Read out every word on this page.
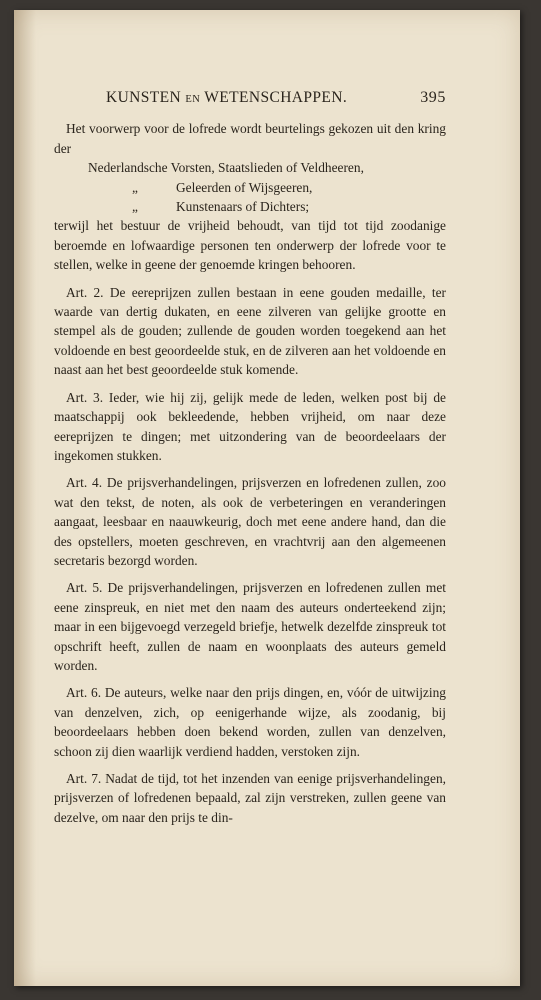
KUNSTEN EN WETENSCHAPPEN.	395

Het voorwerp voor de lofrede wordt beurtelings gekozen uit den kring der

Nederlandsche Vorsten, Staatslieden of Veldheeren,
„	Geleerden of Wijsgeeren,
„	Kunstenaars of Dichters;

terwijl het bestuur de vrijheid behoudt, van tijd tot tijd zoodanige beroemde en lofwaardige personen ten onderwerp der lofrede voor te stellen, welke in geene der genoemde kringen behooren.

Art. 2. De eereprijzen zullen bestaan in eene gouden medaille, ter waarde van dertig dukaten, en eene zilveren van gelijke grootte en stempel als de gouden; zullende de gouden worden toegekend aan het voldoende en best geoordeelde stuk, en de zilveren aan het voldoende en naast aan het best geoordeelde stuk komende.

Art. 3. Ieder, wie hij zij, gelijk mede de leden, welken post bij de maatschappij ook bekleedende, hebben vrijheid, om naar deze eereprijzen te dingen; met uitzondering van de beoordeelaars der ingekomen stukken.

Art. 4. De prijsverhandelingen, prijsverzen en lofredenen zullen, zoo wat den tekst, de noten, als ook de verbeteringen en veranderingen aangaat, leesbaar en naauwkeurig, doch met eene andere hand, dan die des opstellers, moeten geschreven, en vrachtvrij aan den algemeenen secretaris bezorgd worden.

Art. 5. De prijsverhandelingen, prijsverzen en lofredenen zullen met eene zinspreuk, en niet met den naam des auteurs onderteekend zijn; maar in een bijgevoegd verzegeld briefje, hetwelk dezelfde zinspreuk tot opschrift heeft, zullen de naam en woonplaats des auteurs gemeld worden.

Art. 6. De auteurs, welke naar den prijs dingen, en, vóór de uitwijzing van denzelven, zich, op eenigerhande wijze, als zoodanig, bij beoordeelaars hebben doen bekend worden, zullen van denzelven, schoon zij dien waarlijk verdiend hadden, verstoken zijn.

Art. 7. Nadat de tijd, tot het inzenden van eenige prijsverhandelingen, prijsverzen of lofredenen bepaald, zal zijn verstreken, zullen geene van dezelve, om naar den prijs te din-
